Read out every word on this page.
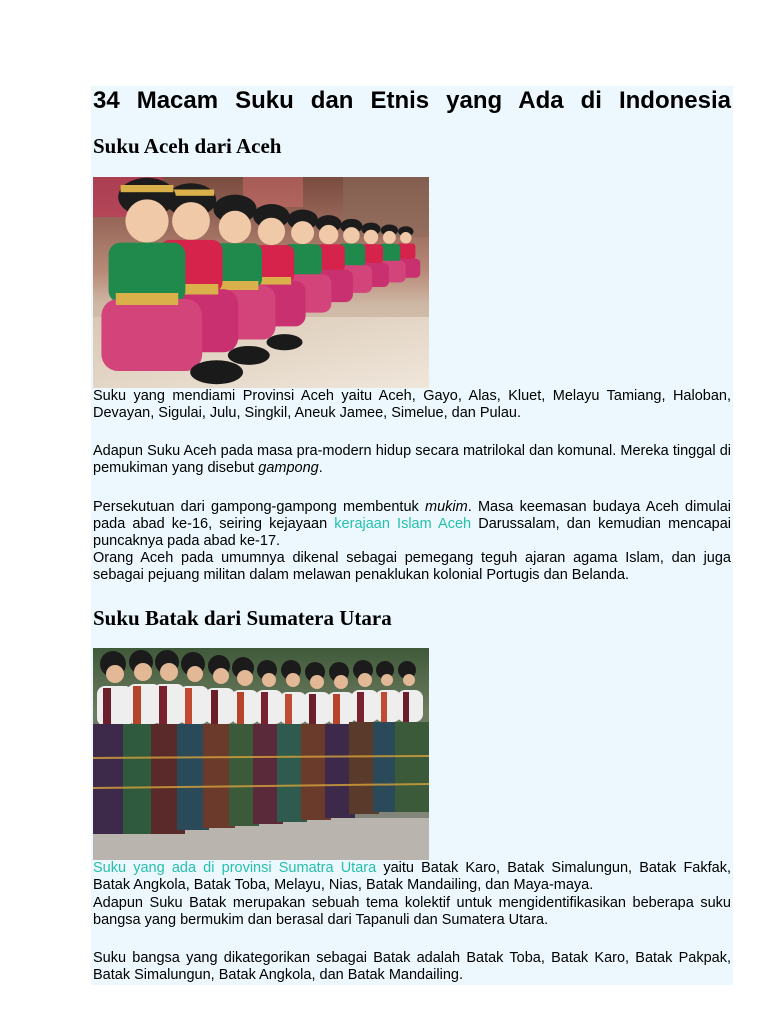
34 Macam Suku dan Etnis yang Ada di Indonesia
Suku Aceh dari Aceh

Suku yang mendiami Provinsi Aceh yaitu Aceh, Gayo, Alas, Kluet, Melayu Tamiang, Haloban, Devayan, Sigulai, Julu, Singkil, Aneuk Jamee, Simelue, dan Pulau.

Adapun Suku Aceh pada masa pra-modern hidup secara matrilokal dan komunal. Mereka tinggal di pemukiman yang disebut gampong.

Persekutuan dari gampong-gampong membentuk mukim. Masa keemasan budaya Aceh dimulai pada abad ke-16, seiring kejayaan kerajaan Islam Aceh Darussalam, dan kemudian mencapai puncaknya pada abad ke-17.

Orang Aceh pada umumnya dikenal sebagai pemegang teguh ajaran agama Islam, dan juga sebagai pejuang militan dalam melawan penaklukan kolonial Portugis dan Belanda.

Suku Batak dari Sumatera Utara

Suku yang ada di provinsi Sumatra Utara yaitu Batak Karo, Batak Simalungun, Batak Fakfak, Batak Angkola, Batak Toba, Melayu, Nias, Batak Mandailing, dan Maya-maya.

Adapun Suku Batak merupakan sebuah tema kolektif untuk mengidentifikasikan beberapa suku bangsa yang bermukim dan berasal dari Tapanuli dan Sumatera Utara.

Suku bangsa yang dikategorikan sebagai Batak adalah Batak Toba, Batak Karo, Batak Pakpak, Batak Simalungun, Batak Angkola, dan Batak Mandailing.
